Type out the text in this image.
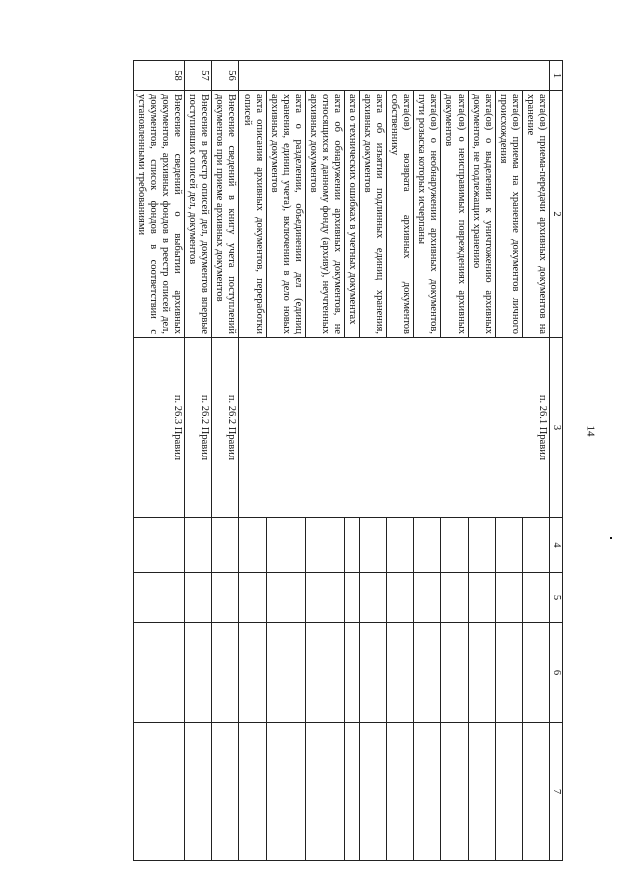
14
1	2	3	4	5	6	7
	акта(ов) приема-передачи архивных документов на хранение	п. 26.1 Правил				
	акта(ов) приема на хранение документов личного происхождения					
	акта(ов) о выделении к уничтожению архивных документов, не подлежащих хранению					
	акта(ов) о неисправимых повреждениях архивных документов					
	акта(ов) о необнаружении архивных документов, пути розыска которых исчерпаны					
	акта(ов) возврата архивных документов собственнику					
	акта об изъятии подлинных единиц хранения, архивных документов					
	акта о технических ошибках в учетных документах					
	акта об обнаружении архивных документов, не относящихся к данному фонду (архиву), неучтенных архивных документов					
	акта о разделении, объединении дел (единиц хранения, единиц учета), включении в дело новых архивных документов					
	акта описания архивных документов, переработки описей					
56	Внесение сведений в книгу учета поступлений документов при приеме архивных документов	п. 26.2 Правил				
57	Внесение в реестр описей дел, документов впервые поступивших описей дел, документов	п. 26.2 Правил				
58	Внесение сведений о выбытии архивных документов, архивных фондов в реестр описей дел, документов, список фондов в соответствии с установленными требованиями	п. 26.3 Правил				
